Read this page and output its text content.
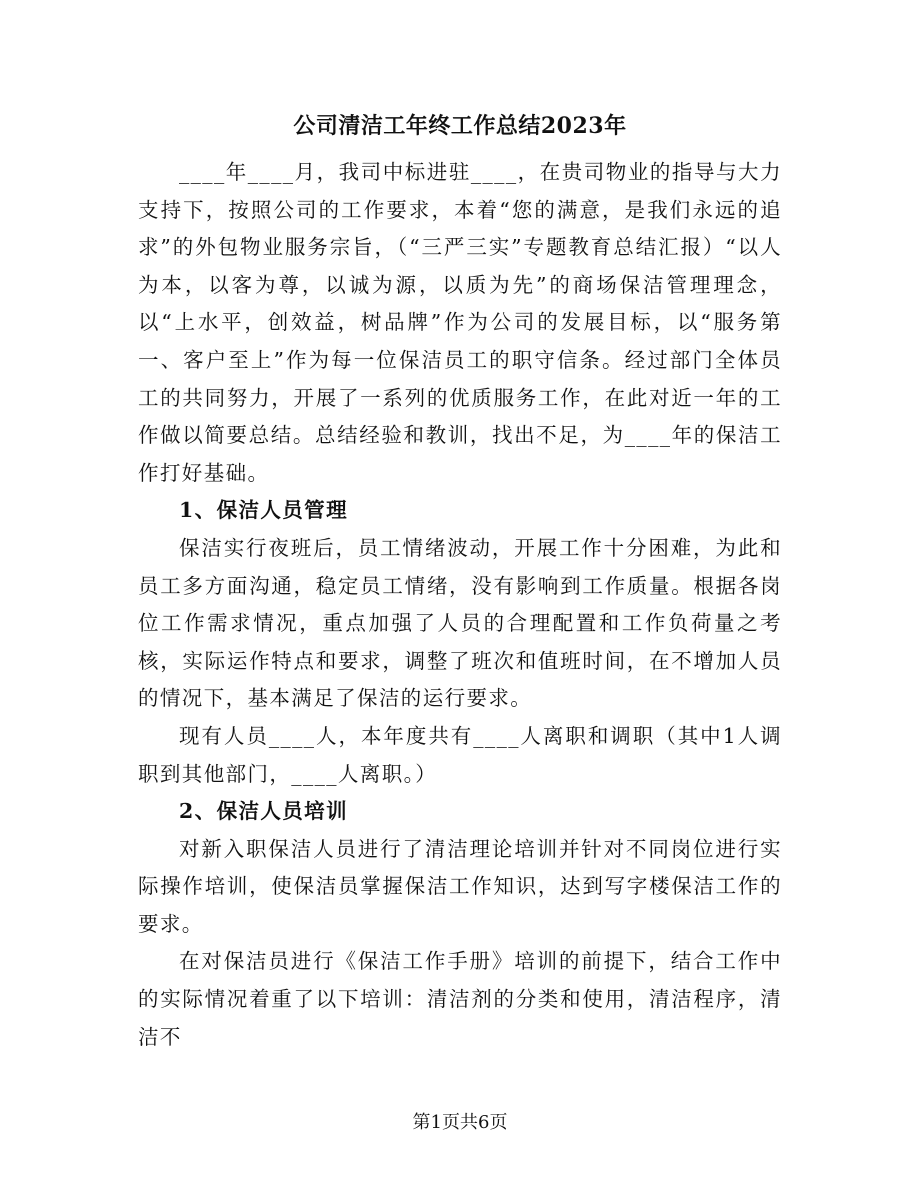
公司清洁工年终工作总结2023年

____年____月，我司中标进驻____，在贵司物业的指导与大力支持下，按照公司的工作要求，本着“您的满意，是我们永远的追求”的外包物业服务宗旨，（“三严三实”专题教育总结汇报）“以人为本，以客为尊，以诚为源，以质为先”的商场保洁管理理念，以“上水平，创效益，树品牌”作为公司的发展目标，以“服务第一、客户至上”作为每一位保洁员工的职守信条。经过部门全体员工的共同努力，开展了一系列的优质服务工作，在此对近一年的工作做以简要总结。总结经验和教训，找出不足，为____年的保洁工作打好基础。

1、保洁人员管理

保洁实行夜班后，员工情绪波动，开展工作十分困难，为此和员工多方面沟通，稳定员工情绪，没有影响到工作质量。根据各岗位工作需求情况，重点加强了人员的合理配置和工作负荷量之考核，实际运作特点和要求，调整了班次和值班时间，在不增加人员的情况下，基本满足了保洁的运行要求。

现有人员____人，本年度共有____人离职和调职（其中1人调职到其他部门，____人离职。）

2、保洁人员培训

对新入职保洁人员进行了清洁理论培训并针对不同岗位进行实际操作培训，使保洁员掌握保洁工作知识，达到写字楼保洁工作的要求。

在对保洁员进行《保洁工作手册》培训的前提下，结合工作中的实际情况着重了以下培训：清洁剂的分类和使用，清洁程序，清洁不

第1页共6页
